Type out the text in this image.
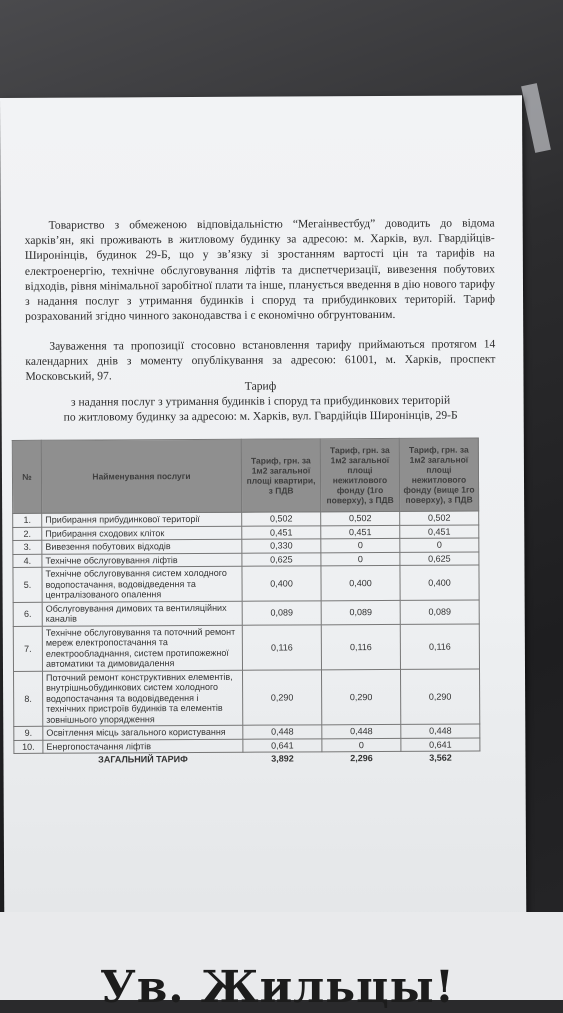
Товариство з обмеженою відповідальністю “Мегаінвестбуд” доводить до відома харків’ян, які проживають в житловому будинку за адресою: м. Харків, вул. Гвардійців-Широнінців, будинок 29-Б, що у зв’язку зі зростанням вартості цін та тарифів на електроенергію, технічне обслуговування ліфтів та диспетчеризації, вивезення побутових відходів, рівня мінімальної заробітної плати та інше, планується введення в дію нового тарифу з надання послуг з утримання будинків і споруд та прибудинкових територій. Тариф розрахований згідно чинного законодавства і є економічно обгрунтованим.

Зауваження та пропозиції стосовно встановлення тарифу приймаються протягом 14 календарних днів з моменту опублікування за адресою: 61001, м. Харків, проспект Московський, 97.

Тариф
з надання послуг з утримання будинків і споруд та прибудинкових територій
по житловому будинку за адресою: м. Харків, вул. Гвардійців Широнінців, 29-Б
№	Найменування послуги	Тариф, грн. за 1м2 загальної площі квартири, з ПДВ	Тариф, грн. за 1м2 загальної площі нежитлового фонду (1го поверху), з ПДВ	Тариф, грн. за 1м2 загальної площі нежитлового фонду (вище 1го поверху), з ПДВ
1.	Прибирання прибудинкової території	0,502	0,502	0,502
2.	Прибирання сходових кліток	0,451	0,451	0,451
3.	Вивезення побутових відходів	0,330	0	0
4.	Технічне обслуговування ліфтів	0,625	0	0,625
5.	Технічне обслуговування систем холодного водопостачання, водовідведення та централізованого опалення	0,400	0,400	0,400
6.	Обслуговування димових та вентиляційних каналів	0,089	0,089	0,089
7.	Технічне обслуговування та поточний ремонт мереж електропостачання та електрообладнання, систем протипожежної автоматики та димовидалення	0,116	0,116	0,116
8.	Поточний ремонт конструктивних елементів, внутрішньобудинкових систем холодного водопостачання та водовідведення і технічних пристроїв будинків та елементів зовнішнього упорядження	0,290	0,290	0,290
9.	Освітлення місць загального користування	0,448	0,448	0,448
10.	Енергопостачання ліфтів	0,641	0	0,641
	ЗАГАЛЬНИЙ ТАРИФ	3,892	2,296	3,562
Ув. Жильцы!
